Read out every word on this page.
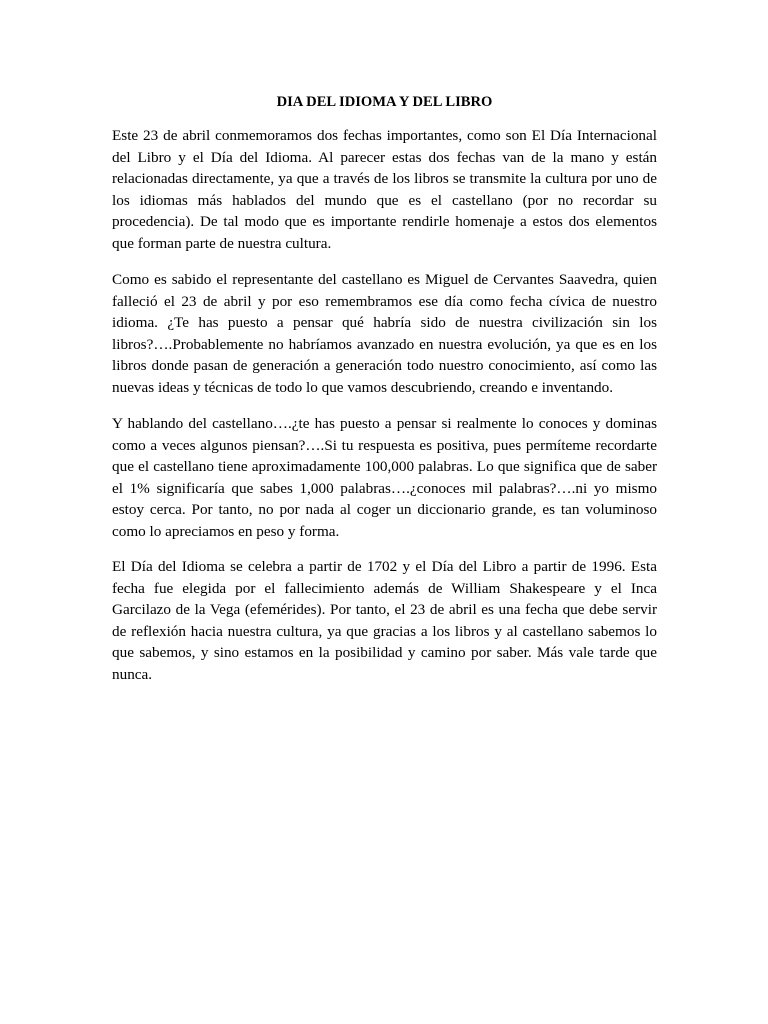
DIA DEL IDIOMA Y DEL LIBRO

Este 23 de abril conmemoramos dos fechas importantes, como son El Día Internacional del Libro y el Día del Idioma. Al parecer estas dos fechas van de la mano y están relacionadas directamente, ya que a través de los libros se transmite la cultura por uno de los idiomas más hablados del mundo que es el castellano (por no recordar su procedencia). De tal modo que es importante rendirle homenaje a estos dos elementos que forman parte de nuestra cultura.

Como es sabido el representante del castellano es Miguel de Cervantes Saavedra, quien falleció el 23 de abril y por eso remembramos ese día como fecha cívica de nuestro idioma. ¿Te has puesto a pensar qué habría sido de nuestra civilización sin los libros?….Probablemente no habríamos avanzado en nuestra evolución, ya que es en los libros donde pasan de generación a generación todo nuestro conocimiento, así como las nuevas ideas y técnicas de todo lo que vamos descubriendo, creando e inventando.

Y hablando del castellano….¿te has puesto a pensar si realmente lo conoces y dominas como a veces algunos piensan?….Si tu respuesta es positiva, pues permíteme recordarte que el castellano tiene aproximadamente 100,000 palabras. Lo que significa que de saber el 1% significaría que sabes 1,000 palabras….¿conoces mil palabras?….ni yo mismo estoy cerca. Por tanto, no por nada al coger un diccionario grande, es tan voluminoso como lo apreciamos en peso y forma.

El Día del Idioma se celebra a partir de 1702 y el Día del Libro a partir de 1996. Esta fecha fue elegida por el fallecimiento además de William Shakespeare y el Inca Garcilazo de la Vega (efemérides). Por tanto, el 23 de abril es una fecha que debe servir de reflexión hacia nuestra cultura, ya que gracias a los libros y al castellano sabemos lo que sabemos, y sino estamos en la posibilidad y camino por saber. Más vale tarde que nunca.
